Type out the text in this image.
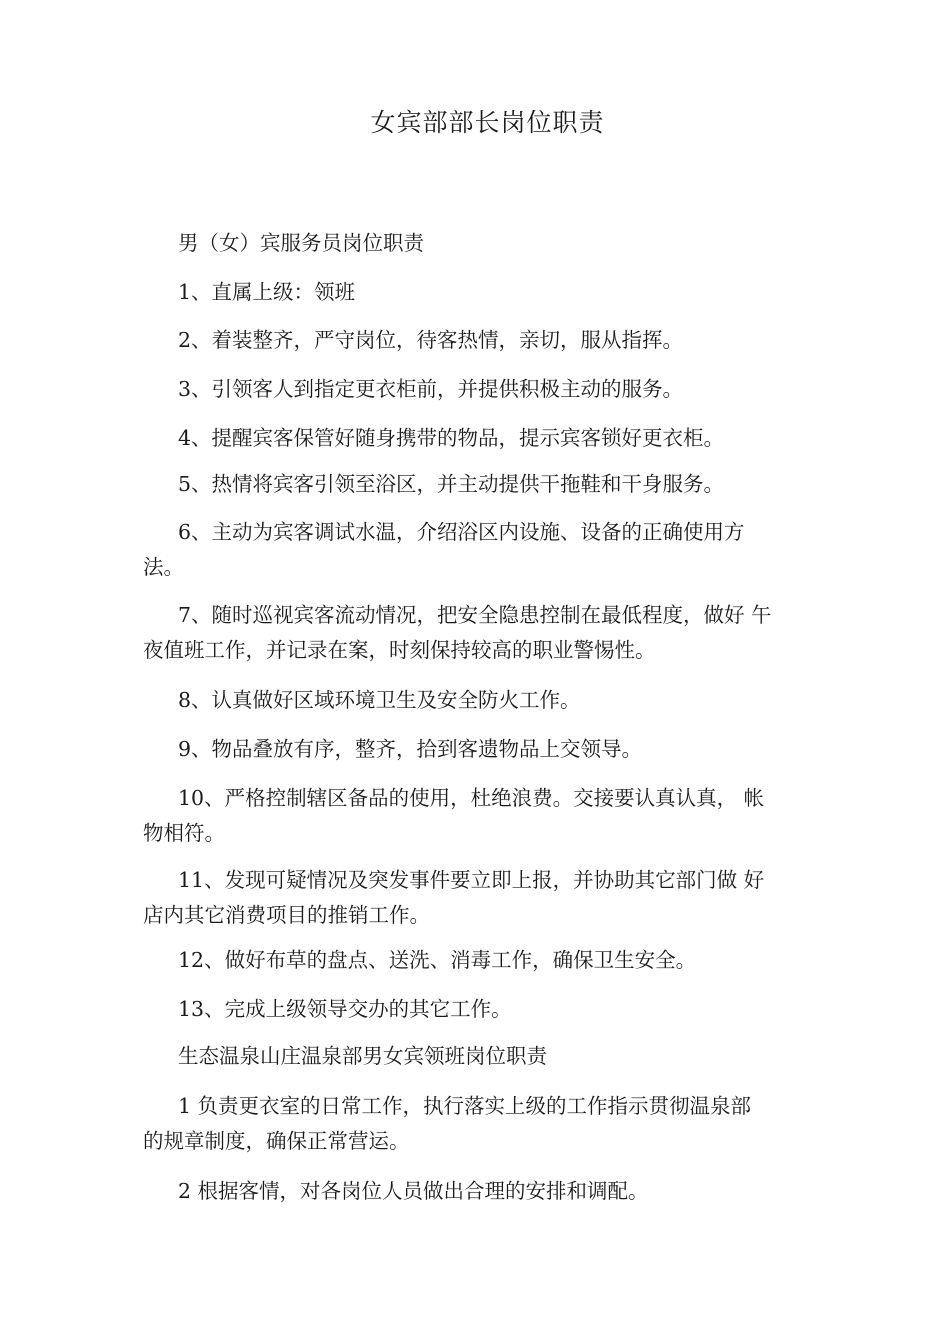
女宾部部长岗位职责

男（女）宾服务员岗位职责

1、直属上级：领班

2、着装整齐，严守岗位，待客热情，亲切，服从指挥。

3、引领客人到指定更衣柜前，并提供积极主动的服务。

4、提醒宾客保管好随身携带的物品，提示宾客锁好更衣柜。

5、热情将宾客引领至浴区，并主动提供干拖鞋和干身服务。

6、主动为宾客调试水温，介绍浴区内设施、设备的正确使用方
法。

7、随时巡视宾客流动情况，把安全隐患控制在最低程度，做好 午
夜值班工作，并记录在案，时刻保持较高的职业警惕性。

8、认真做好区域环境卫生及安全防火工作。

9、物品叠放有序，整齐，拾到客遗物品上交领导。

10、严格控制辖区备品的使用，杜绝浪费。交接要认真认真， 帐
物相符。

11、发现可疑情况及突发事件要立即上报，并协助其它部门做 好
店内其它消费项目的推销工作。

12、做好布草的盘点、送洗、消毒工作，确保卫生安全。

13、完成上级领导交办的其它工作。

生态温泉山庄温泉部男女宾领班岗位职责

1 负责更衣室的日常工作，执行落实上级的工作指示贯彻温泉部
的规章制度，确保正常营运。

2 根据客情，对各岗位人员做出合理的安排和调配。
